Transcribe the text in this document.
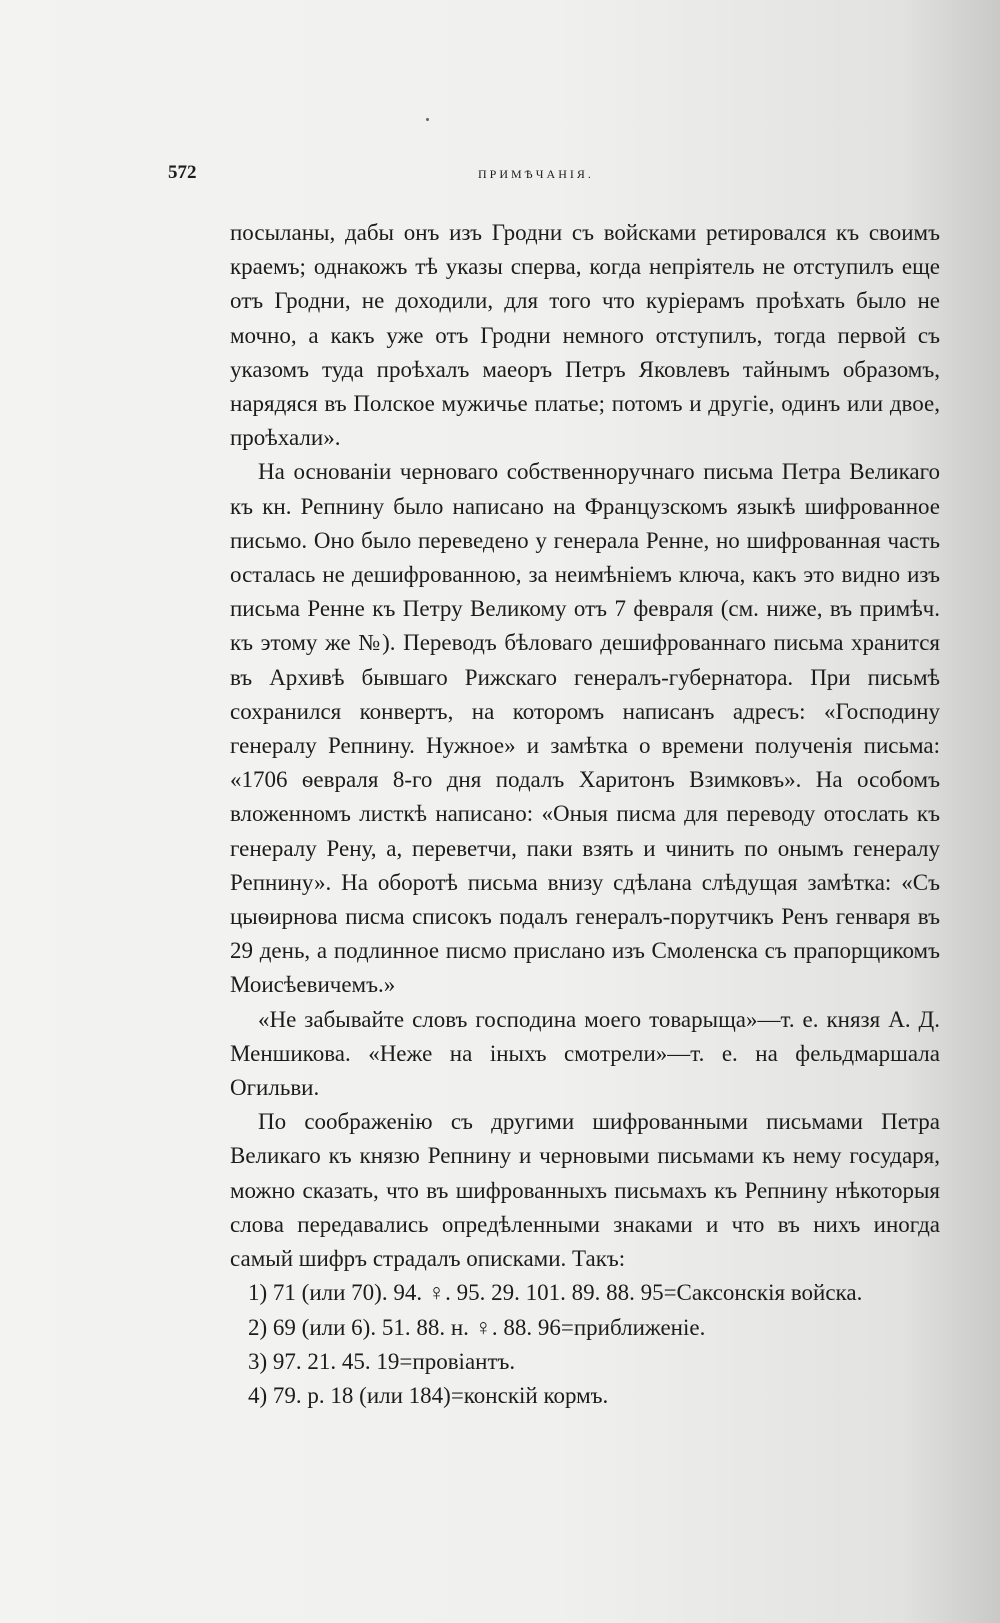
572	ПРИМѢЧАНІЯ.

посыланы, дабы онъ изъ Гродни съ войсками ретировался къ своимъ краемъ; однакожъ тѣ указы сперва, когда непріятель не отступилъ еще отъ Гродни, не доходили, для того что куріерамъ проѣхать было не мочно, а какъ уже отъ Гродни немного отступилъ, тогда первой съ указомъ туда проѣхалъ маеоръ Петръ Яковлевъ тайнымъ образомъ, нарядяся въ Полское мужичье платье; потомъ и другіе, одинъ или двое, проѣхали».

На основаніи черноваго собственноручнаго письма Петра Великаго къ кн. Репнину было написано на Французскомъ языкѣ шифрованное письмо. Оно было переведено у генерала Ренне, но шифрованная часть осталась не дешифрованною, за неимѣніемъ ключа, какъ это видно изъ письма Ренне къ Петру Великому отъ 7 февраля (см. ниже, въ примѣч. къ этому же №). Переводъ бѣловаго дешифрованнаго письма хранится въ Архивѣ бывшаго Рижскаго генералъ-губернатора. При письмѣ сохранился конвертъ, на которомъ написанъ адресъ: «Господину генералу Репнину. Нужное» и замѣтка о времени полученія письма: «1706 ѳевраля 8-го дня подалъ Харитонъ Взимковъ». На особомъ вложенномъ листкѣ написано: «Оныя писма для переводу отослать къ генералу Рену, а, переветчи, паки взять и чинить по онымъ генералу Репнину». На оборотѣ письма внизу сдѣлана слѣдущая замѣтка: «Съ цыѳирнова писма списокъ подалъ генералъ-порутчикъ Ренъ генваря въ 29 день, а подлинное писмо прислано изъ Смоленска съ прапорщикомъ Моисѣевичемъ.»

«Не забывайте словъ господина моего товарыща»—т. е. князя А. Д. Меншикова. «Неже на іныхъ смотрели»—т. е. на фельдмаршала Огильви.

По соображенію съ другими шифрованными письмами Петра Великаго къ князю Репнину и черновыми письмами къ нему государя, можно сказать, что въ шифрованныхъ письмахъ къ Репнину нѣкоторыя слова передавались опредѣленными знаками и что въ нихъ иногда самый шифръ страдалъ описками. Такъ:

1) 71 (или 70). 94. ♀. 95. 29. 101. 89. 88. 95=Саксонскія войска.

2) 69 (или 6). 51. 88. н. ♀. 88. 96=приближеніе.

3) 97. 21. 45. 19=провіантъ.

4) 79. р. 18 (или 184)=конскій кормъ.
